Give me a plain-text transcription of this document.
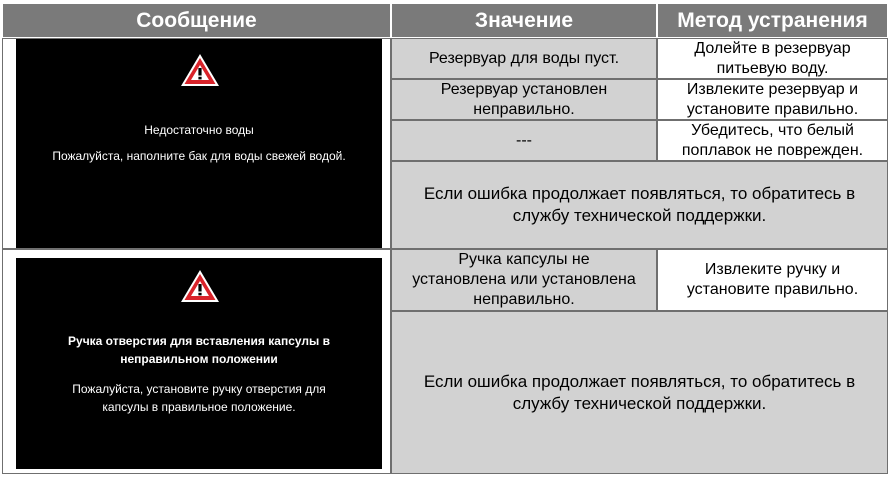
Сообщение	Значение	Метод устранения
Недостаточно воды
Пожалуйста, наполните бак для воды свежей водой.
Резервуар для воды пуст.
Долейте в резервуар питьевую воду.
Резервуар установлен неправильно.
Извлеките резервуар и установите правильно.
---
Убедитесь, что белый поплавок не поврежден.
Если ошибка продолжает появляться, то обратитесь в службу технической поддержки.
Ручка отверстия для вставления капсулы в неправильном положении
Пожалуйста, установите ручку отверстия для капсулы в правильное положение.
Ручка капсулы не установлена или установлена неправильно.
Извлеките ручку и установите правильно.
Если ошибка продолжает появляться, то обратитесь в службу технической поддержки.
